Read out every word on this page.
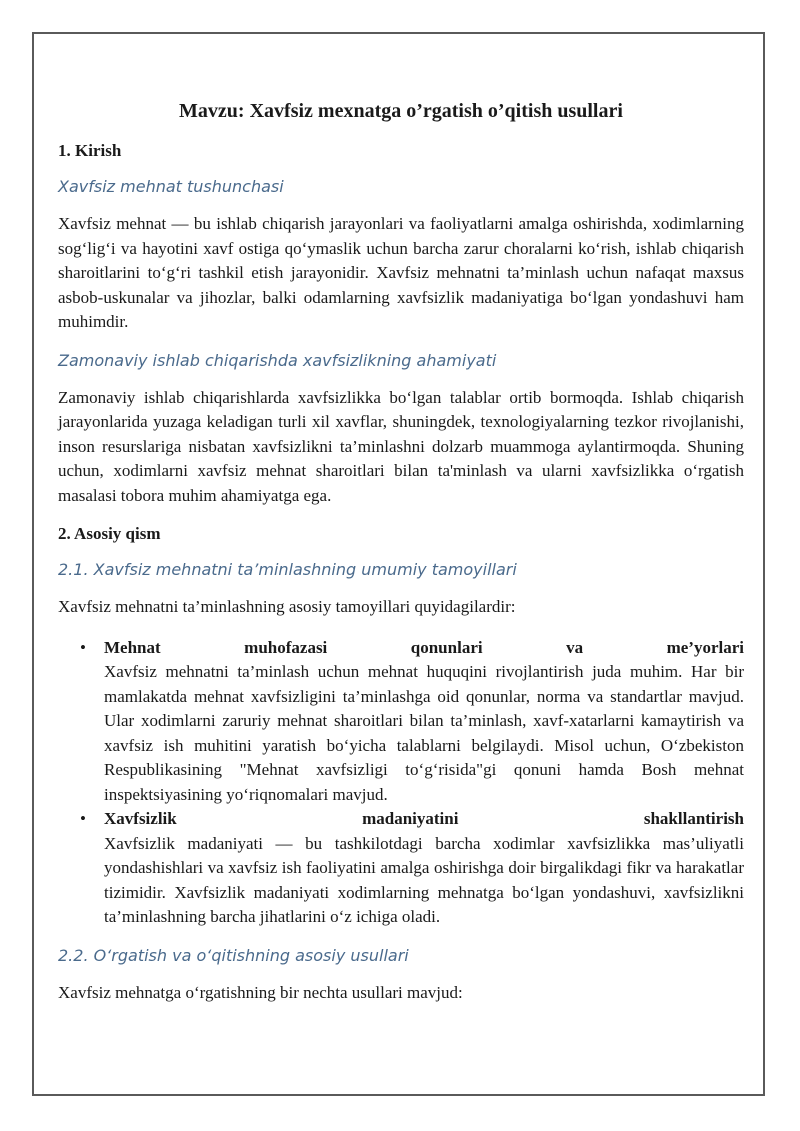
Mavzu: Xavfsiz mexnatga o’rgatish o’qitish usullari
1. Kirish
Xavfsiz mehnat tushunchasi

Xavfsiz mehnat — bu ishlab chiqarish jarayonlari va faoliyatlarni amalga oshirishda, xodimlarning sog‘lig‘i va hayotini xavf ostiga qo‘ymaslik uchun barcha zarur choralarni ko‘rish, ishlab chiqarish sharoitlarini to‘g‘ri tashkil etish jarayonidir. Xavfsiz mehnatni ta’minlash uchun nafaqat maxsus asbob-uskunalar va jihozlar, balki odamlarning xavfsizlik madaniyatiga bo‘lgan yondashuvi ham muhimdir.

Zamonaviy ishlab chiqarishda xavfsizlikning ahamiyati

Zamonaviy ishlab chiqarishlarda xavfsizlikka bo‘lgan talablar ortib bormoqda. Ishlab chiqarish jarayonlarida yuzaga keladigan turli xil xavflar, shuningdek, texnologiyalarning tezkor rivojlanishi, inson resurslariga nisbatan xavfsizlikni ta’minlashni dolzarb muammoga aylantirmoqda. Shuning uchun, xodimlarni xavfsiz mehnat sharoitlari bilan ta'minlash va ularni xavfsizlikka o‘rgatish masalasi tobora muhim ahamiyatga ega.

2. Asosiy qism
2.1. Xavfsiz mehnatni ta’minlashning umumiy tamoyillari

Xavfsiz mehnatni ta’minlashning asosiy tamoyillari quyidagilardir:

• Mehnat muhofazasi qonunlari va me’yorlari
Xavfsiz mehnatni ta’minlash uchun mehnat huquqini rivojlantirish juda muhim. Har bir mamlakatda mehnat xavfsizligini ta’minlashga oid qonunlar, norma va standartlar mavjud. Ular xodimlarni zaruriy mehnat sharoitlari bilan ta’minlash, xavf-xatarlarni kamaytirish va xavfsiz ish muhitini yaratish bo‘yicha talablarni belgilaydi. Misol uchun, O‘zbekiston Respublikasining "Mehnat xavfsizligi to‘g‘risida"gi qonuni hamda Bosh mehnat inspektsiyasining yo‘riqnomalari mavjud.
• Xavfsizlik madaniyatini shakllantirish
Xavfsizlik madaniyati — bu tashkilotdagi barcha xodimlar xavfsizlikka mas’uliyatli yondashishlari va xavfsiz ish faoliyatini amalga oshirishga doir birgalikdagi fikr va harakatlar tizimidir. Xavfsizlik madaniyati xodimlarning mehnatga bo‘lgan yondashuvi, xavfsizlikni ta’minlashning barcha jihatlarini o‘z ichiga oladi.
2.2. O‘rgatish va o‘qitishning asosiy usullari

Xavfsiz mehnatga o‘rgatishning bir nechta usullari mavjud:
